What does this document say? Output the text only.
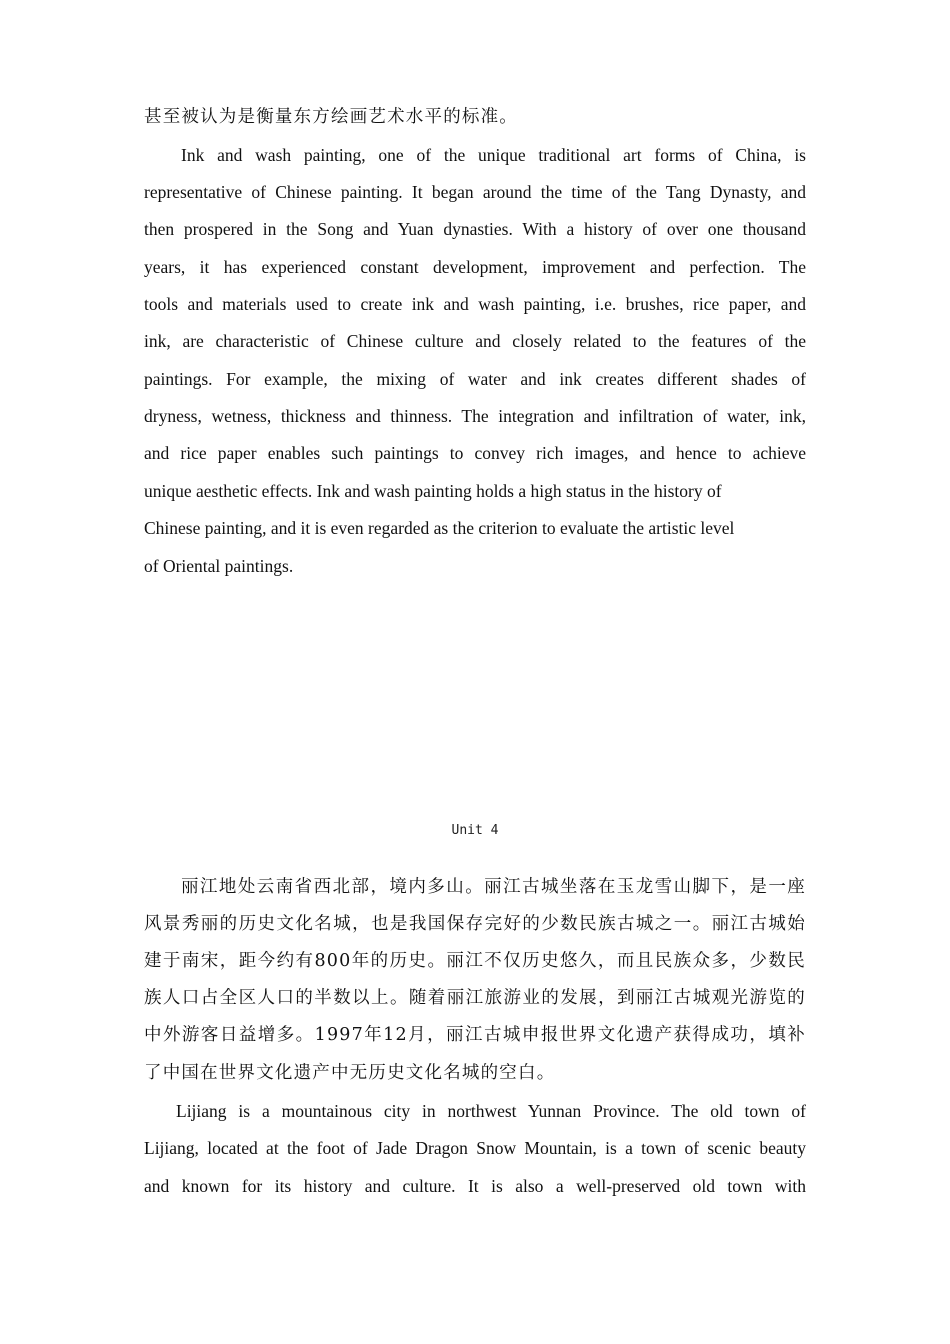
甚至被认为是衡量东方绘画艺术水平的标准。
Ink and wash painting, one of the unique traditional art forms of China, is
representative of Chinese painting. It began around the time of the Tang Dynasty, and
then prospered in the Song and Yuan dynasties. With a history of over one thousand
years, it has experienced constant development, improvement and perfection. The
tools and materials used to create ink and wash painting, i.e. brushes, rice paper, and
ink, are characteristic of Chinese culture and closely related to the features of the
paintings. For example, the mixing of water and ink creates different shades of
dryness, wetness, thickness and thinness. The integration and infiltration of water, ink,
and rice paper enables such paintings to convey rich images, and hence to achieve
unique aesthetic effects. Ink and wash painting holds a high status in the history of
Chinese painting, and it is even regarded as the criterion to evaluate the artistic level
of Oriental paintings.
Unit 4
丽江地处云南省西北部，境内多山。丽江古城坐落在玉龙雪山脚下，是一座
风景秀丽的历史文化名城，也是我国保存完好的少数民族古城之一。丽江古城始
建于南宋，距今约有800年的历史。丽江不仅历史悠久，而且民族众多，少数民
族人口占全区人口的半数以上。随着丽江旅游业的发展，到丽江古城观光游览的
中外游客日益增多。1997年12月，丽江古城申报世界文化遗产获得成功，填补
了中国在世界文化遗产中无历史文化名城的空白。
Lijiang is a mountainous city in northwest Yunnan Province. The old town of
Lijiang, located at the foot of Jade Dragon Snow Mountain, is a town of scenic beauty
and known for its history and culture. It is also a well-preserved old town with
